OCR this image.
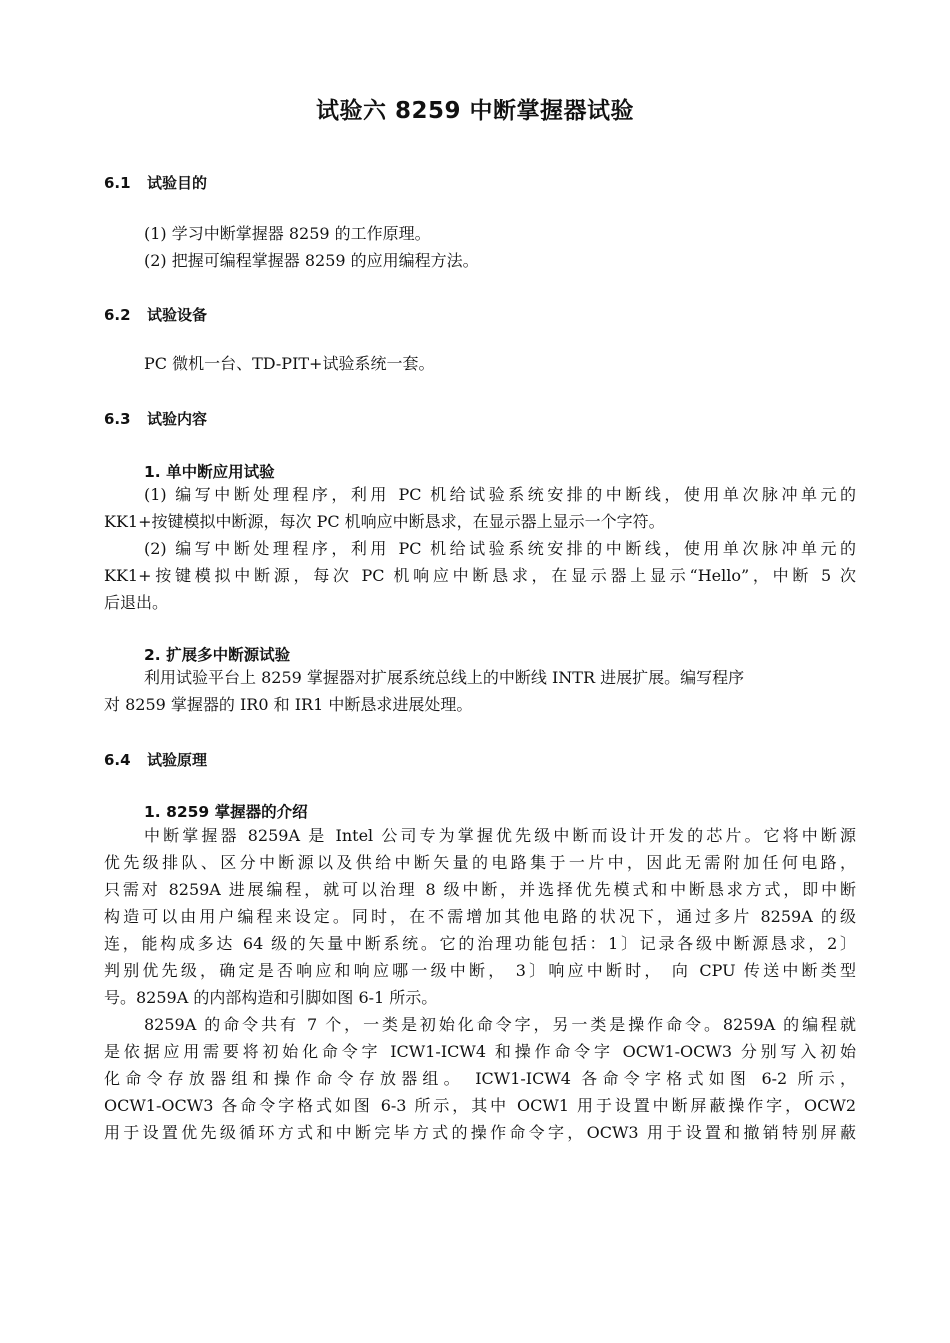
试验六 8259 中断掌握器试验
6.1 试验目的

(1) 学习中断掌握器 8259 的工作原理。

(2) 把握可编程掌握器 8259 的应用编程方法。

6.2 试验设备

PC 微机一台、TD-PIT+试验系统一套。

6.3 试验内容
1. 单中断应用试验

(1) 编写中断处理程序，利用 PC 机给试验系统安排的中断线，使用单次脉冲单元的

KK1+按键模拟中断源，每次 PC 机响应中断恳求，在显示器上显示一个字符。

(2) 编写中断处理程序，利用 PC 机给试验系统安排的中断线，使用单次脉冲单元的

KK1+按键模拟中断源，每次 PC 机响应中断恳求，在显示器上显示“Hello”，中断 5 次

后退出。

2. 扩展多中断源试验

利用试验平台上 8259 掌握器对扩展系统总线上的中断线 INTR 进展扩展。编写程序

对 8259 掌握器的 IR0 和 IR1 中断恳求进展处理。

6.4 试验原理
1. 8259 掌握器的介绍

中断掌握器 8259A 是 Intel 公司专为掌握优先级中断而设计开发的芯片。它将中断源

优先级排队、区分中断源以及供给中断矢量的电路集于一片中，因此无需附加任何电路，

只需对 8259A 进展编程，就可以治理 8 级中断，并选择优先模式和中断恳求方式，即中断

构造可以由用户编程来设定。同时，在不需增加其他电路的状况下，通过多片 8259A 的级

连，能构成多达 64 级的矢量中断系统。它的治理功能包括：1〕记录各级中断源恳求，2〕

判别优先级，确定是否响应和响应哪一级中断， 3〕响应中断时， 向 CPU 传送中断类型

号。8259A 的内部构造和引脚如图 6-1 所示。

8259A 的命令共有 7 个，一类是初始化命令字，另一类是操作命令。8259A 的编程就

是依据应用需要将初始化命令字 ICW1-ICW4 和操作命令字 OCW1-OCW3 分别写入初始

化命令存放器组和操作命令存放器组。 ICW1-ICW4 各命令字格式如图 6-2 所示，

OCW1-OCW3 各命令字格式如图 6-3 所示，其中 OCW1 用于设置中断屏蔽操作字，OCW2

用于设置优先级循环方式和中断完毕方式的操作命令字，OCW3 用于设置和撤销特别屏蔽
